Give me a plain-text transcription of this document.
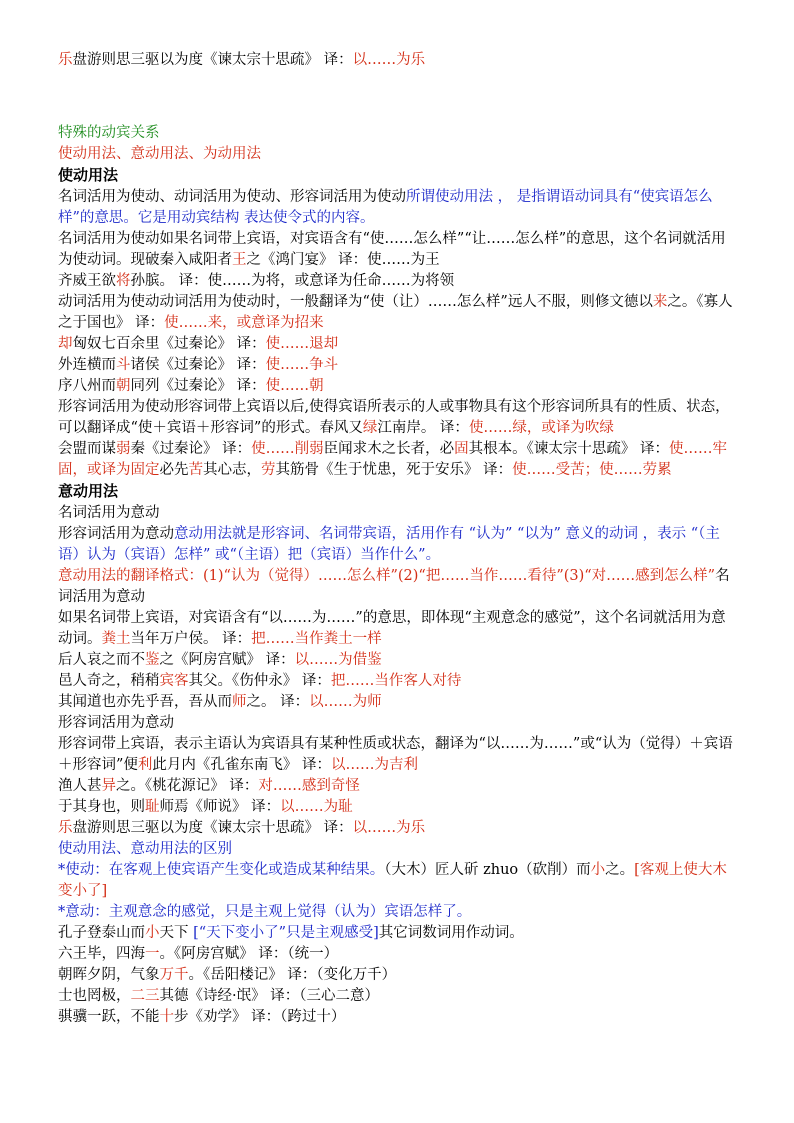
乐盘游则思三驱以为度《谏太宗十思疏》 译：以……为乐
特殊的动宾关系
使动用法、意动用法、为动用法
使动用法
名词活用为使动、动词活用为使动、形容词活用为使动所谓使动用法 ， 是指谓语动词具有“使宾语怎么样”的意思。它是用动宾结构 表达使令式的内容。
名词活用为使动如果名词带上宾语，对宾语含有“使……怎么样”“让……怎么样”的意思，这个名词就活用为使动词。现破秦入咸阳者王之《鸿门宴》 译：使……为王
齐威王欲将孙膑。 译：使……为将，或意译为任命……为将领
动词活用为使动动词活用为使动时，一般翻译为“使（让）……怎么样”远人不服，则修文德以来之。《寡人之于国也》 译：使……来，或意译为招来
却匈奴七百余里《过秦论》 译：使……退却
外连横而斗诸侯《过秦论》 译：使……争斗
序八州而朝同列《过秦论》 译：使……朝
形容词活用为使动形容词带上宾语以后,使得宾语所表示的人或事物具有这个形容词所具有的性质、状态，可以翻译成“使＋宾语＋形容词”的形式。春风又绿江南岸。 译：使……绿，或译为吹绿
会盟而谋弱秦《过秦论》 译：使……削弱臣闻求木之长者，必固其根本。《谏太宗十思疏》 译：使……牢固，或译为固定必先苦其心志，劳其筋骨《生于忧患，死于安乐》 译：使……受苦；使……劳累
意动用法
名词活用为意动
形容词活用为意动意动用法就是形容词、名词带宾语，活用作有 “认为” “以为” 意义的动词 ，表示 “（主语）认为（宾语）怎样” 或“（主语）把（宾语）当作什么”。
意动用法的翻译格式：(1)“认为（觉得）……怎么样”(2)“把……当作……看待”(3)“对……感到怎么样”名词活用为意动
如果名词带上宾语，对宾语含有“以……为……”的意思，即体现“主观意念的感觉”，这个名词就活用为意动词。粪土当年万户侯。 译：把……当作粪土一样
后人哀之而不鉴之《阿房宫赋》 译：以……为借鉴
邑人奇之，稍稍宾客其父。《伤仲永》 译：把……当作客人对待
其闻道也亦先乎吾，吾从而师之。 译：以……为师
形容词活用为意动
形容词带上宾语，表示主语认为宾语具有某种性质或状态，翻译为“以……为……”或“认为（觉得）＋宾语＋形容词”便利此月内《孔雀东南飞》 译：以……为吉利
渔人甚异之。《桃花源记》 译：对……感到奇怪
于其身也，则耻师焉《师说》 译：以……为耻
乐盘游则思三驱以为度《谏太宗十思疏》 译：以……为乐
使动用法、意动用法的区别
*使动：在客观上使宾语产生变化或造成某种结果。（大木）匠人斫 zhuo（砍削）而小之。[客观上使大木变小了]
*意动：主观意念的感觉，只是主观上觉得（认为）宾语怎样了。
孔子登泰山而小天下 [“天下变小了”只是主观感受]其它词数词用作动词。
六王毕，四海一。《阿房宫赋》 译：（统一）
朝晖夕阴，气象万千。《岳阳楼记》 译：（变化万千）
士也罔极，二三其德《诗经·氓》 译：（三心二意）
骐骥一跃，不能十步《劝学》 译：（跨过十）
